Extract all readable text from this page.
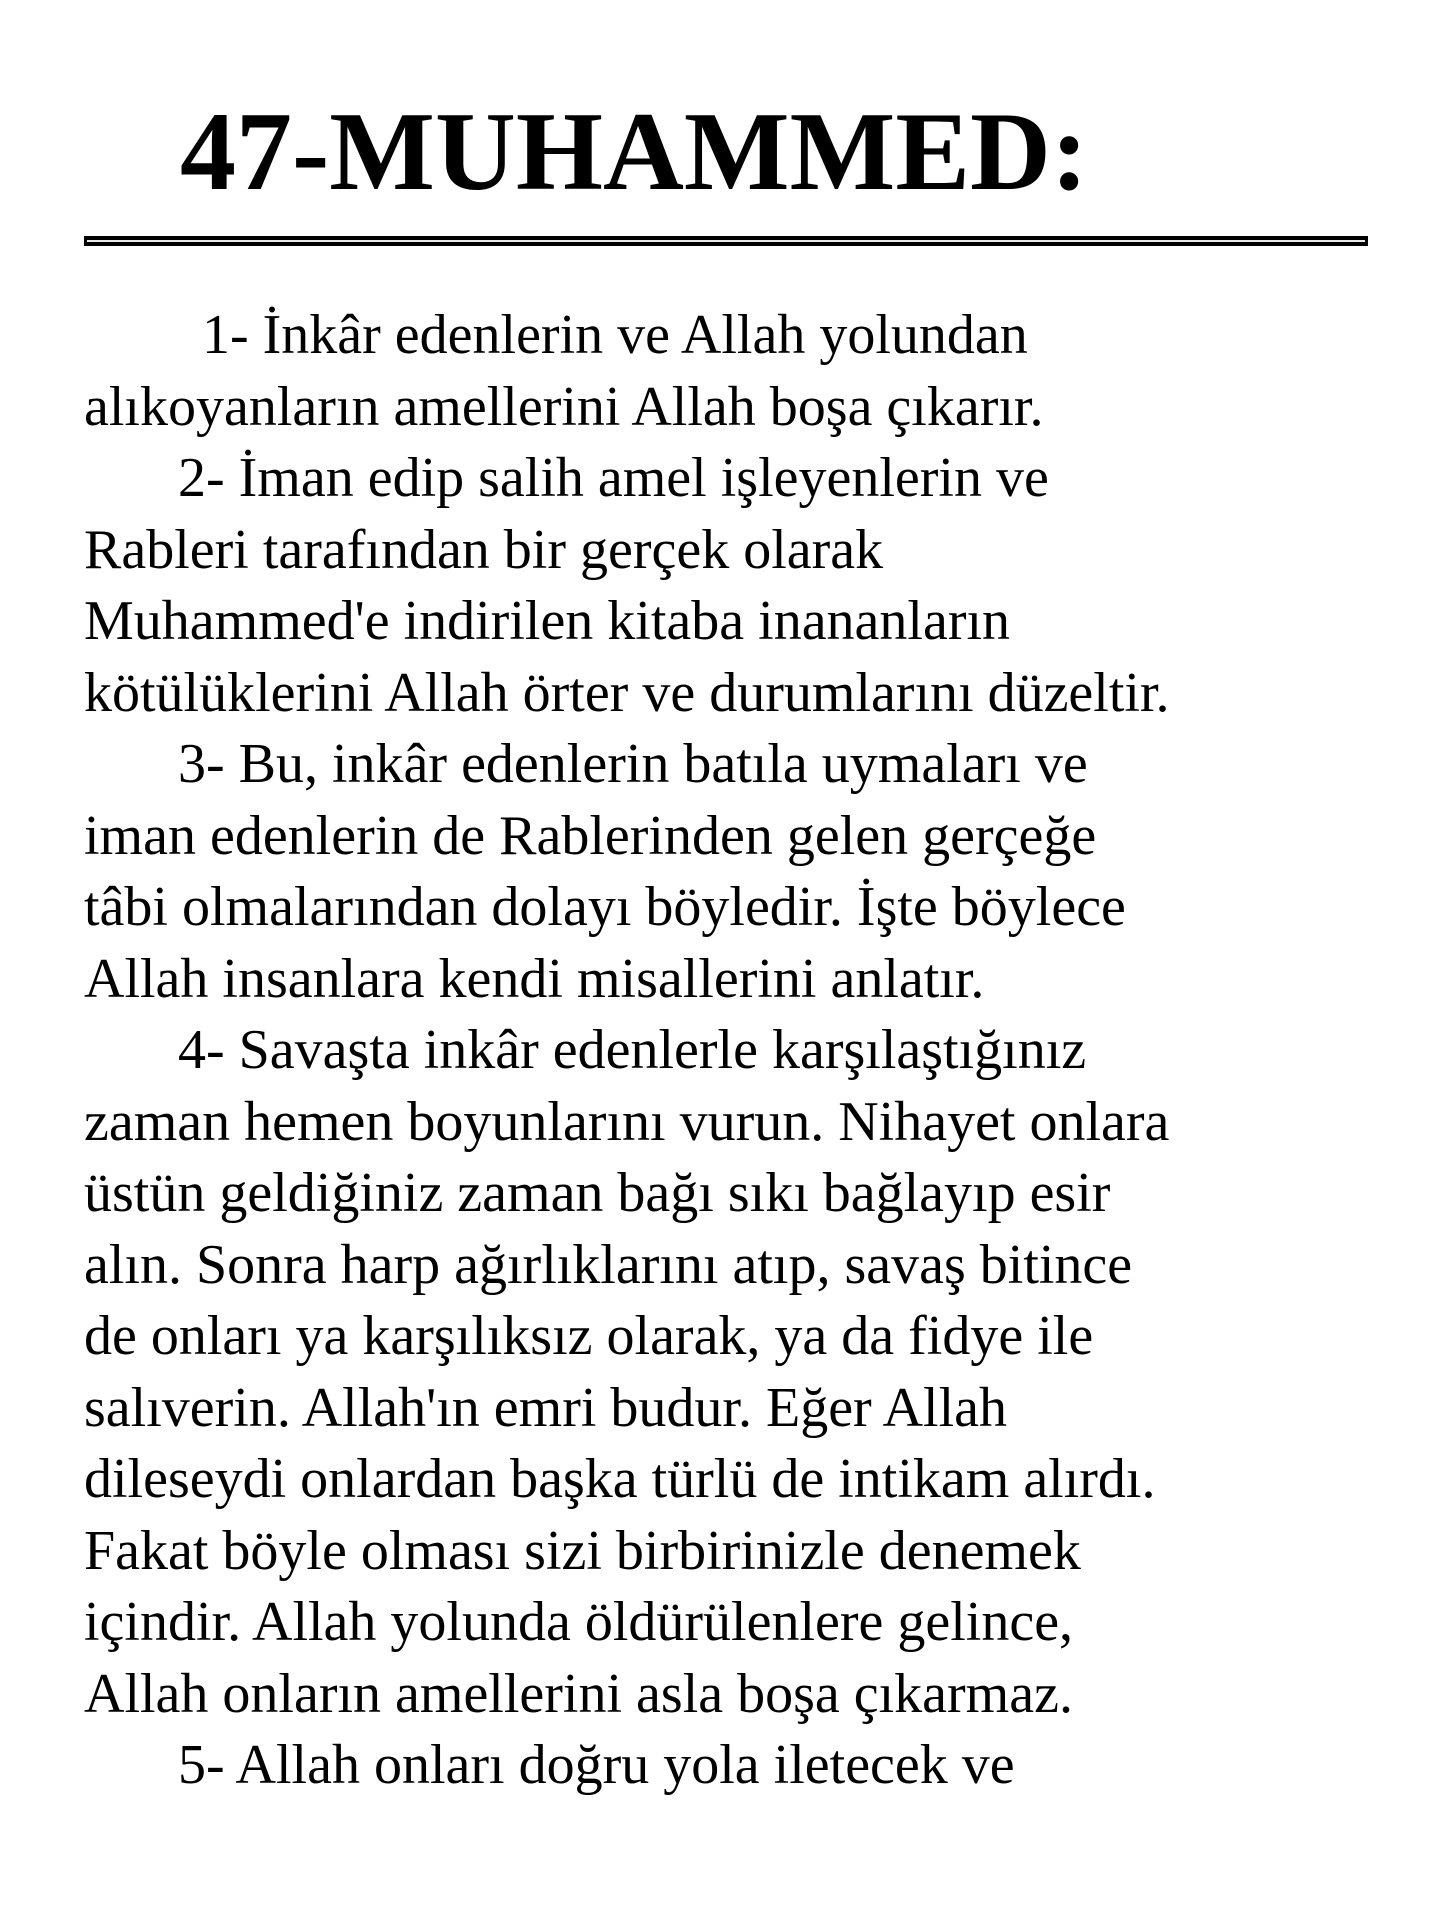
47-MUHAMMED:
1- İnkâr edenlerin ve Allah yolundan
alıkoyanların amellerini Allah boşa çıkarır.
2- İman edip salih amel işleyenlerin ve
Rableri tarafından bir gerçek olarak
Muhammed'e indirilen kitaba inananların
kötülüklerini Allah örter ve durumlarını düzeltir.
3- Bu, inkâr edenlerin batıla uymaları ve
iman edenlerin de Rablerinden gelen gerçeğe
tâbi olmalarından dolayı böyledir. İşte böylece
Allah insanlara kendi misallerini anlatır.
4- Savaşta inkâr edenlerle karşılaştığınız
zaman hemen boyunlarını vurun. Nihayet onlara
üstün geldiğiniz zaman bağı sıkı bağlayıp esir
alın. Sonra harp ağırlıklarını atıp, savaş bitince
de onları ya karşılıksız olarak, ya da fidye ile
salıverin. Allah'ın emri budur. Eğer Allah
dileseydi onlardan başka türlü de intikam alırdı.
Fakat böyle olması sizi birbirinizle denemek
içindir. Allah yolunda öldürülenlere gelince,
Allah onların amellerini asla boşa çıkarmaz.
5- Allah onları doğru yola iletecek ve
